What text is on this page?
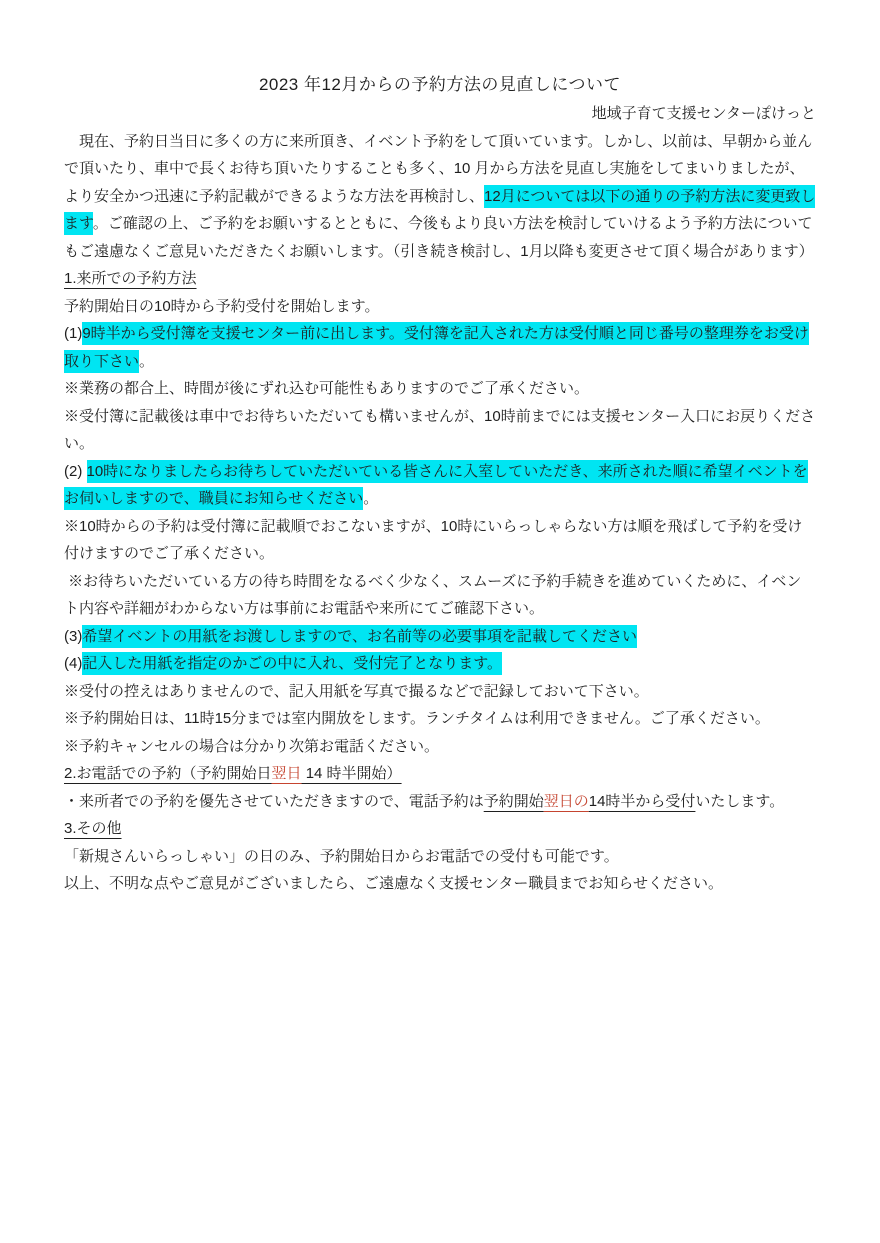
2023 年12月からの予約方法の見直しについて

地域子育て支援センターぽけっと

　現在、予約日当日に多くの方に来所頂き、イベント予約をして頂いています。しかし、以前は、早朝から並んで頂いたり、車中で長くお待ち頂いたりすることも多く、10 月から方法を見直し実施をしてまいりましたが、より安全かつ迅速に予約記載ができるような方法を再検討し、12月については以下の通りの予約方法に変更致します。ご確認の上、ご予約をお願いするとともに、今後もより良い方法を検討していけるよう予約方法についてもご遠慮なくご意見いただきたくお願いします。（引き続き検討し、1月以降も変更させて頂く場合があります）

1.来所での予約方法

予約開始日の10時から予約受付を開始します。

(1)9時半から受付簿を支援センター前に出します。受付簿を記入された方は受付順と同じ番号の整理券をお受け取り下さい。

※業務の都合上、時間が後にずれ込む可能性もありますのでご了承ください。

※受付簿に記載後は車中でお待ちいただいても構いませんが、10時前までには支援センター入口にお戻りください。

(2) 10時になりましたらお待ちしていただいている皆さんに入室していただき、来所された順に希望イベントをお伺いしますので、職員にお知らせください。

※10時からの予約は受付簿に記載順でおこないますが、10時にいらっしゃらない方は順を飛ばして予約を受け付けますのでご了承ください。

※お待ちいただいている方の待ち時間をなるべく少なく、スムーズに予約手続きを進めていくために、イベント内容や詳細がわからない方は事前にお電話や来所にてご確認下さい。

(3)希望イベントの用紙をお渡ししますので、お名前等の必要事項を記載してください

(4)記入した用紙を指定のかごの中に入れ、受付完了となります。

※受付の控えはありませんので、記入用紙を写真で撮るなどで記録しておいて下さい。

※予約開始日は、11時15分までは室内開放をします。ランチタイムは利用できません。ご了承ください。

※予約キャンセルの場合は分かり次第お電話ください。

2.お電話での予約（予約開始日翌日 14 時半開始）

・来所者での予約を優先させていただきますので、電話予約は予約開始翌日の14時半から受付いたします。

3.その他

「新規さんいらっしゃい」の日のみ、予約開始日からお電話での受付も可能です。

以上、不明な点やご意見がございましたら、ご遠慮なく支援センター職員までお知らせください。
